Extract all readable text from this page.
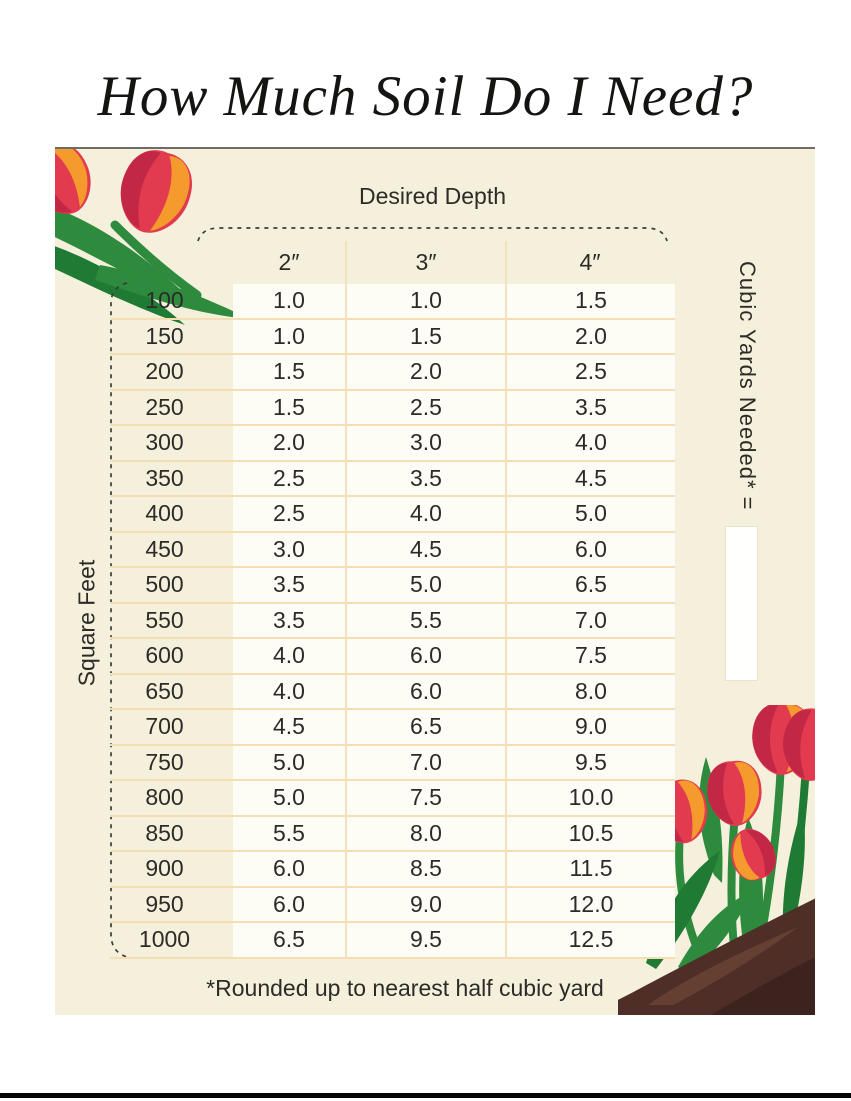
How Much Soil Do I Need?
Desired Depth
2″	3″	4″
100	1.0	1.0	1.5
150	1.0	1.5	2.0
200	1.5	2.0	2.5
250	1.5	2.5	3.5
300	2.0	3.0	4.0
350	2.5	3.5	4.5
400	2.5	4.0	5.0
450	3.0	4.5	6.0
500	3.5	5.0	6.5
550	3.5	5.5	7.0
600	4.0	6.0	7.5
650	4.0	6.0	8.0
700	4.5	6.5	9.0
750	5.0	7.0	9.5
800	5.0	7.5	10.0
850	5.5	8.0	10.5
900	6.0	8.5	11.5
950	6.0	9.0	12.0
1000	6.5	9.5	12.5
Square Feet
Cubic Yards Needed* =
*Rounded up to nearest half cubic yard
